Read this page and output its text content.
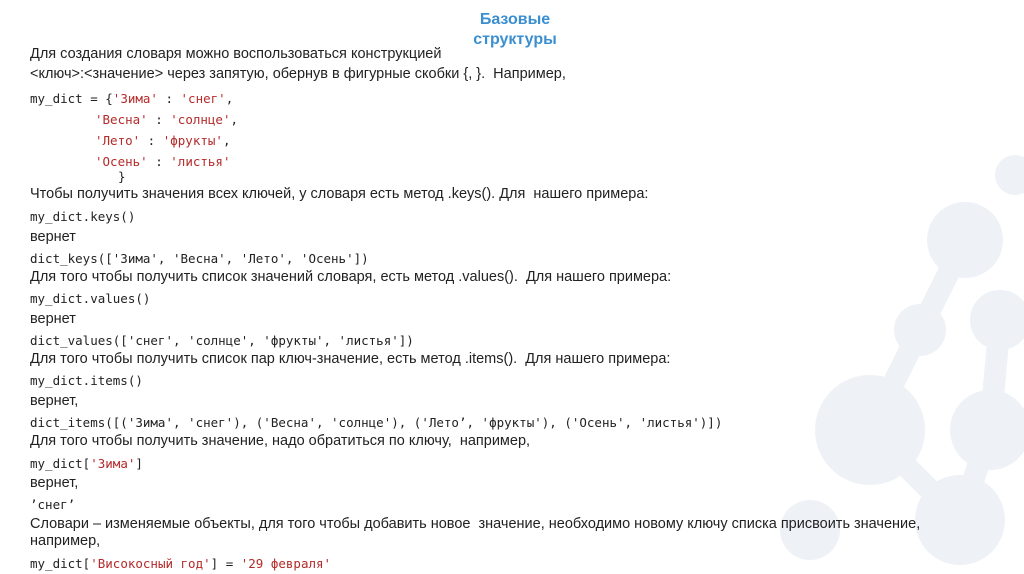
Базовые структуры
Для создания словаря можно воспользоваться конструкцией
<ключ>:<значение> через запятую, обернув в фигурные скобки {, }.  Например,
my_dict = {'Зима' : 'снег',
'Весна' : 'солнце',
'Лето' : 'фрукты',
'Осень' : 'листья'
}
Чтобы получить значения всех ключей, у словаря есть метод .keys(). Для  нашего примера:
my_dict.keys()
вернет
dict_keys(['Зима', 'Весна', 'Лето', 'Осень'])
Для того чтобы получить список значений словаря, есть метод .values().  Для нашего примера:
my_dict.values()
вернет
dict_values(['снег', 'солнце', 'фрукты', 'листья'])
Для того чтобы получить список пар ключ-значение, есть метод .items().  Для нашего примера:
my_dict.items()
вернет,
dict_items([('Зима', 'снег'), ('Весна', 'солнце'), ('Лето’, 'фрукты'), ('Осень', 'листья')])
Для того чтобы получить значение, надо обратиться по ключу,  например,
my_dict['Зима']
вернет,
’снег’
Словари – изменяемые объекты, для того чтобы добавить новое  значение, необходимо новому ключу списка присвоить значение,
например,
my_dict['Високосный год'] = '29 февраля'
